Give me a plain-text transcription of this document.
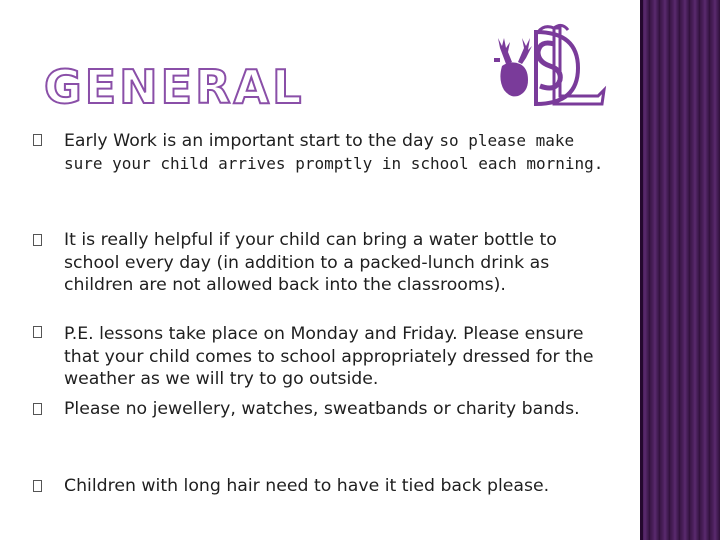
GENERAL
Early Work is an important start to the day so please make sure your child arrives promptly in school each morning.
It is really helpful if your child can bring a water bottle to school every day (in addition to a packed-lunch drink as children are not allowed back into the classrooms).
P.E. lessons take place on Monday and Friday. Please ensure that your child comes to school appropriately dressed for the weather as we will try to go outside.
Please no jewellery, watches, sweatbands or charity bands.
Children with long hair need to have it tied back please.
